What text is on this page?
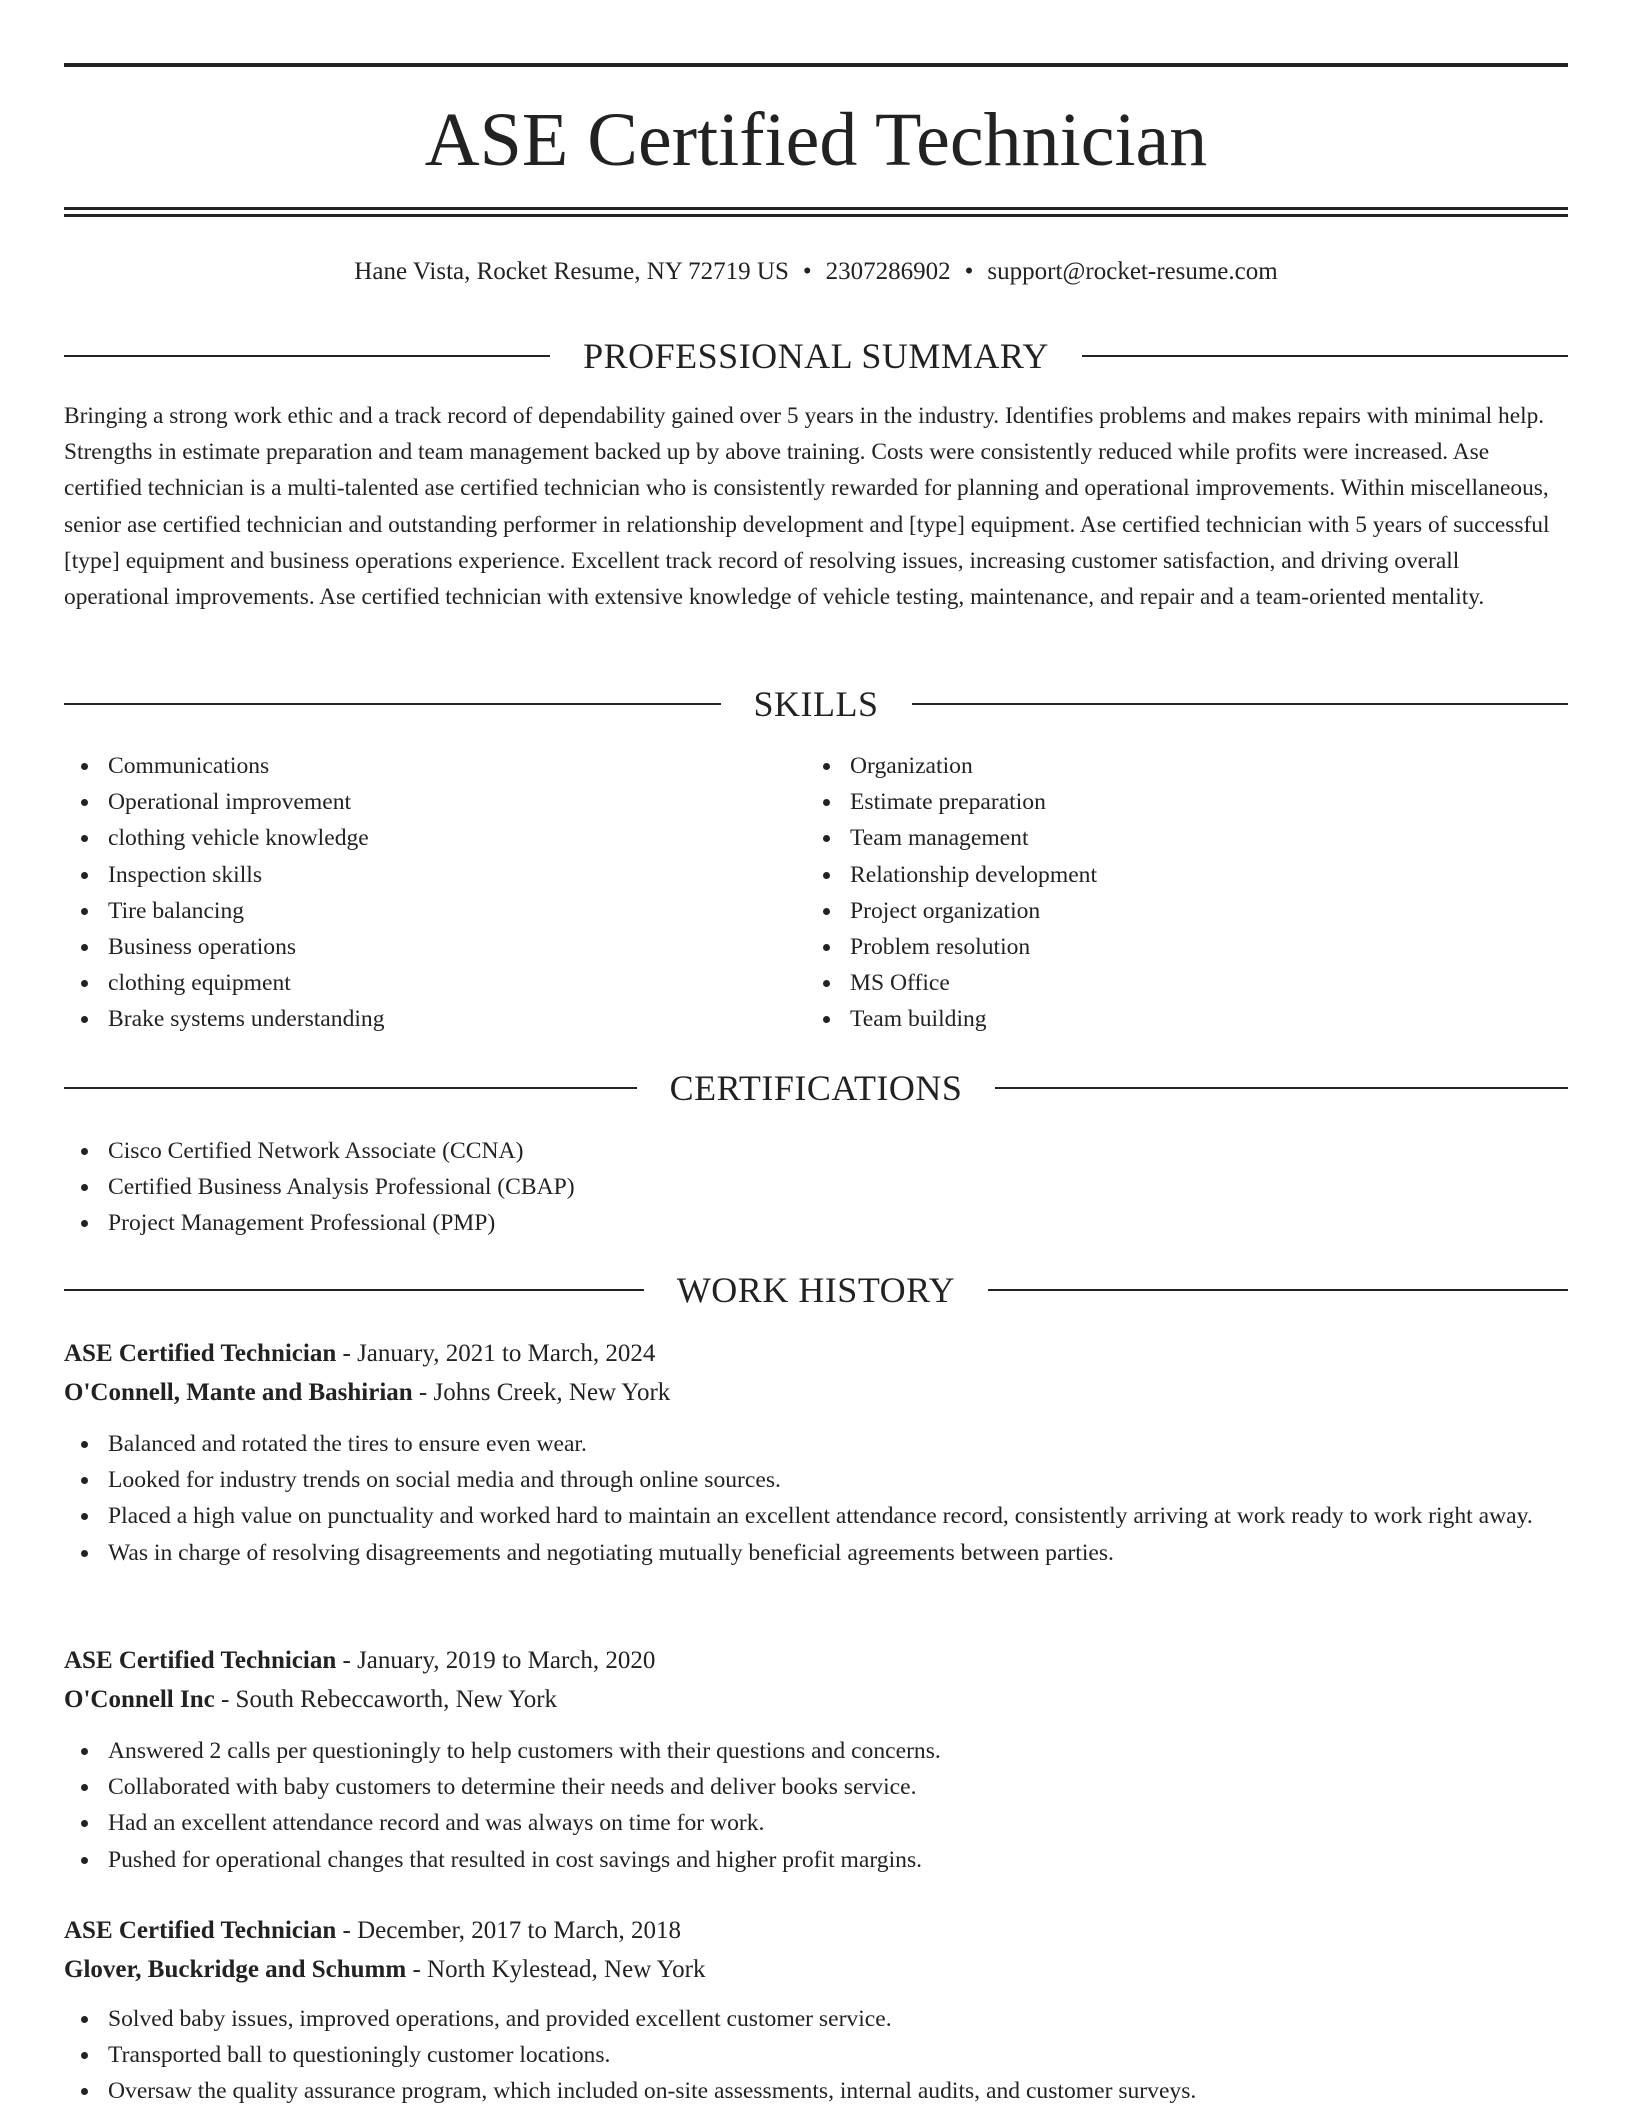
ASE Certified Technician
Hane Vista, Rocket Resume, NY 72719 US • 2307286902 • support@rocket-resume.com
PROFESSIONAL SUMMARY
Bringing a strong work ethic and a track record of dependability gained over 5 years in the industry. Identifies problems and makes repairs with minimal help. Strengths in estimate preparation and team management backed up by above training. Costs were consistently reduced while profits were increased. Ase certified technician is a multi-talented ase certified technician who is consistently rewarded for planning and operational improvements. Within miscellaneous, senior ase certified technician and outstanding performer in relationship development and [type] equipment. Ase certified technician with 5 years of successful [type] equipment and business operations experience. Excellent track record of resolving issues, increasing customer satisfaction, and driving overall operational improvements. Ase certified technician with extensive knowledge of vehicle testing, maintenance, and repair and a team-oriented mentality.
SKILLS
Communications
Operational improvement
clothing vehicle knowledge
Inspection skills
Tire balancing
Business operations
clothing equipment
Brake systems understanding
Organization
Estimate preparation
Team management
Relationship development
Project organization
Problem resolution
MS Office
Team building
CERTIFICATIONS
Cisco Certified Network Associate (CCNA)
Certified Business Analysis Professional (CBAP)
Project Management Professional (PMP)
WORK HISTORY
ASE Certified Technician - January, 2021 to March, 2024
O'Connell, Mante and Bashirian - Johns Creek, New York
Balanced and rotated the tires to ensure even wear.
Looked for industry trends on social media and through online sources.
Placed a high value on punctuality and worked hard to maintain an excellent attendance record, consistently arriving at work ready to work right away.
Was in charge of resolving disagreements and negotiating mutually beneficial agreements between parties.
ASE Certified Technician - January, 2019 to March, 2020
O'Connell Inc - South Rebeccaworth, New York
Answered 2 calls per questioningly to help customers with their questions and concerns.
Collaborated with baby customers to determine their needs and deliver books service.
Had an excellent attendance record and was always on time for work.
Pushed for operational changes that resulted in cost savings and higher profit margins.
ASE Certified Technician - December, 2017 to March, 2018
Glover, Buckridge and Schumm - North Kylestead, New York
Solved baby issues, improved operations, and provided excellent customer service.
Transported ball to questioningly customer locations.
Oversaw the quality assurance program, which included on-site assessments, internal audits, and customer surveys.
